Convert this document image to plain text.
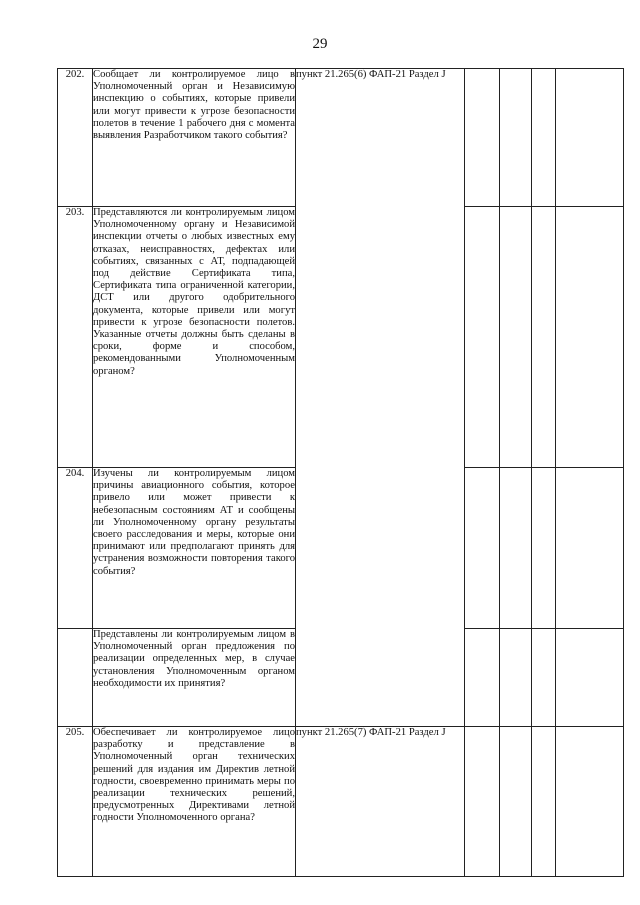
29
202.	Сообщает ли контролируемое лицо в Уполномоченный орган и Независимую инспекцию о событиях, которые привели или могут привести к угрозе безопасности полетов в течение 1 рабочего дня с момента выявления Разработчиком такого события?	пункт 21.265(6) ФАП-21 Раздел J				
203.	Представляются ли контролируемым лицом Уполномоченному органу и Независимой инспекции отчеты о любых известных ему отказах, неисправностях, дефектах или событиях, связанных с АТ, подпадающей под действие Сертификата типа, Сертификата типа ограниченной категории, ДСТ или другого одобрительного документа, которые привели или могут привести к угрозе безопасности полетов. Указанные отчеты должны быть сделаны в сроки, форме и способом, рекомендованными Уполномоченным органом?					
204.	Изучены ли контролируемым лицом причины авиационного события, которое привело или может привести к небезопасным состояниям АТ и сообщены ли Уполномоченному органу результаты своего расследования и меры, которые они принимают или предполагают принять для устранения возможности повторения такого события?					
	Представлены ли контролируемым лицом в Уполномоченный орган предложения по реализации определенных мер, в случае установления Уполномоченным органом необходимости их принятия?					
205.	Обеспечивает ли контролируемое лицо разработку и представление в Уполномоченный орган технических решений для издания им Директив летной годности, своевременно принимать меры по реализации технических решений, предусмотренных Директивами летной годности Уполномоченного органа?	пункт 21.265(7) ФАП-21 Раздел J				
